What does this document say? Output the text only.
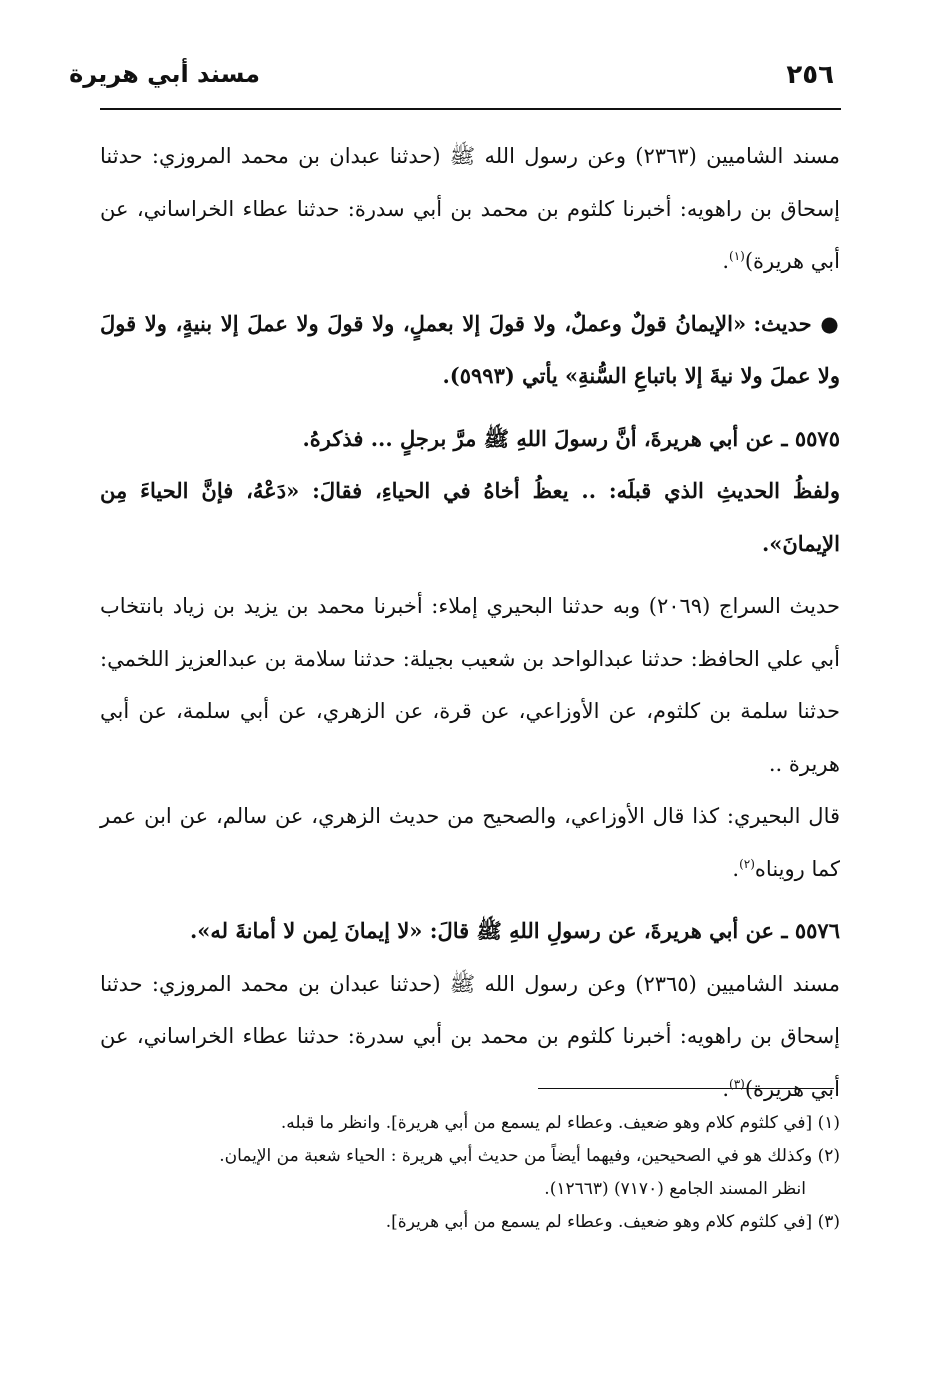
مسند أبي هريرة	٢٥٦

مسند الشاميين (٢٣٦٣) وعن رسول الله ﷺ (حدثنا عبدان بن محمد المروزي: حدثنا إسحاق بن راهويه: أخبرنا كلثوم بن محمد بن أبي سدرة: حدثنا عطاء الخراساني، عن أبي هريرة)$^{(١)}$.

● حديث: «الإيمانُ قولٌ وعملٌ، ولا قولَ إلا بعملٍ، ولا قولَ ولا عملَ إلا بنيةٍ، ولا قولَ ولا عملَ ولا نيةَ إلا باتباعِ السُّنةِ» يأتي (٥٩٩٣).

٥٥٧٥ ـ عن أبي هريرةَ، أنَّ رسولَ اللهِ ﷺ مرَّ برجلٍ ... فذكرهُ.

ولفظُ الحديثِ الذي قبلَه: .. يعظُ أخاهُ في الحياءِ، فقالَ: «دَعْهُ، فإنَّ الحياءَ مِن الإيمانَ».

حديث السراج (٢٠٦٩) وبه حدثنا البحيري إملاء: أخبرنا محمد بن يزيد بن زياد بانتخاب أبي علي الحافظ: حدثنا عبدالواحد بن شعيب بجيلة: حدثنا سلامة بن عبدالعزيز اللخمي: حدثنا سلمة بن كلثوم، عن الأوزاعي، عن قرة، عن الزهري، عن أبي سلمة، عن أبي هريرة ..

قال البحيري: كذا قال الأوزاعي، والصحيح من حديث الزهري، عن سالم، عن ابن عمر كما رويناه$^{(٢)}$.

٥٥٧٦ ـ عن أبي هريرةَ، عن رسولِ اللهِ ﷺ قالَ: «لا إيمانَ لِمن لا أمانةَ له».

مسند الشاميين (٢٣٦٥) وعن رسول الله ﷺ (حدثنا عبدان بن محمد المروزي: حدثنا إسحاق بن راهويه: أخبرنا كلثوم بن محمد بن أبي سدرة: حدثنا عطاء الخراساني، عن أبي هريرة)$^{(٣)}$.

(١) [في كلثوم كلام وهو ضعيف. وعطاء لم يسمع من أبي هريرة]. وانظر ما قبله.

(٢) وكذلك هو في الصحيحين، وفيهما أيضاً من حديث أبي هريرة : الحياء شعبة من الإيمان.
انظر المسند الجامع (٧١٧٠) (١٢٦٦٣).

(٣) [في كلثوم كلام وهو ضعيف. وعطاء لم يسمع من أبي هريرة].
